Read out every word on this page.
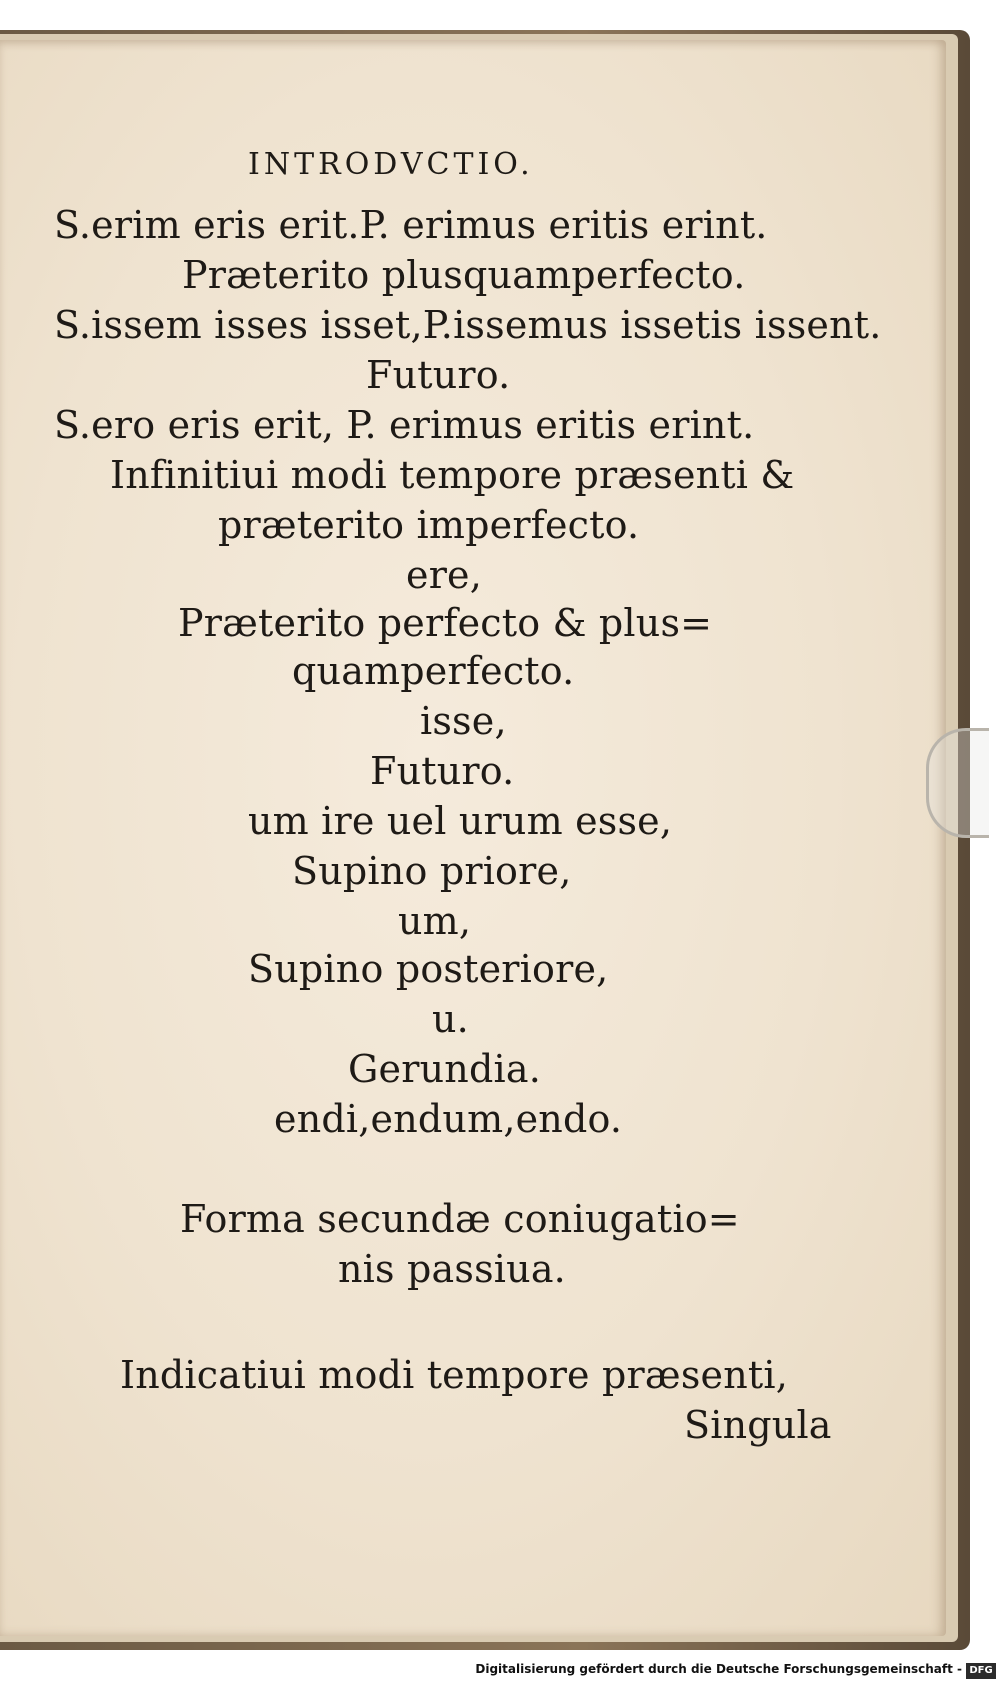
INTRODVCTIO.
S.erim eris erit.P. erimus eritis erint.
Præterito plusquamperfecto.
S.issem isses isset,P.issemus issetis issent.
Futuro.
S.ero eris erit, P. erimus eritis erint.
Infinitiui modi tempore præsenti &
præterito imperfecto.
ere,
Præterito perfecto & plus=
quamperfecto.
isse,
Futuro.
um ire uel urum esse,
Supino priore,
um,
Supino posteriore,
u.
Gerundia.
endi,endum,endo.
Forma secundæ coniugatio=
nis passiua.
Indicatiui modi tempore præsenti,
Singula
Digitalisierung gefördert durch die Deutsche Forschungsgemeinschaft - DFG
